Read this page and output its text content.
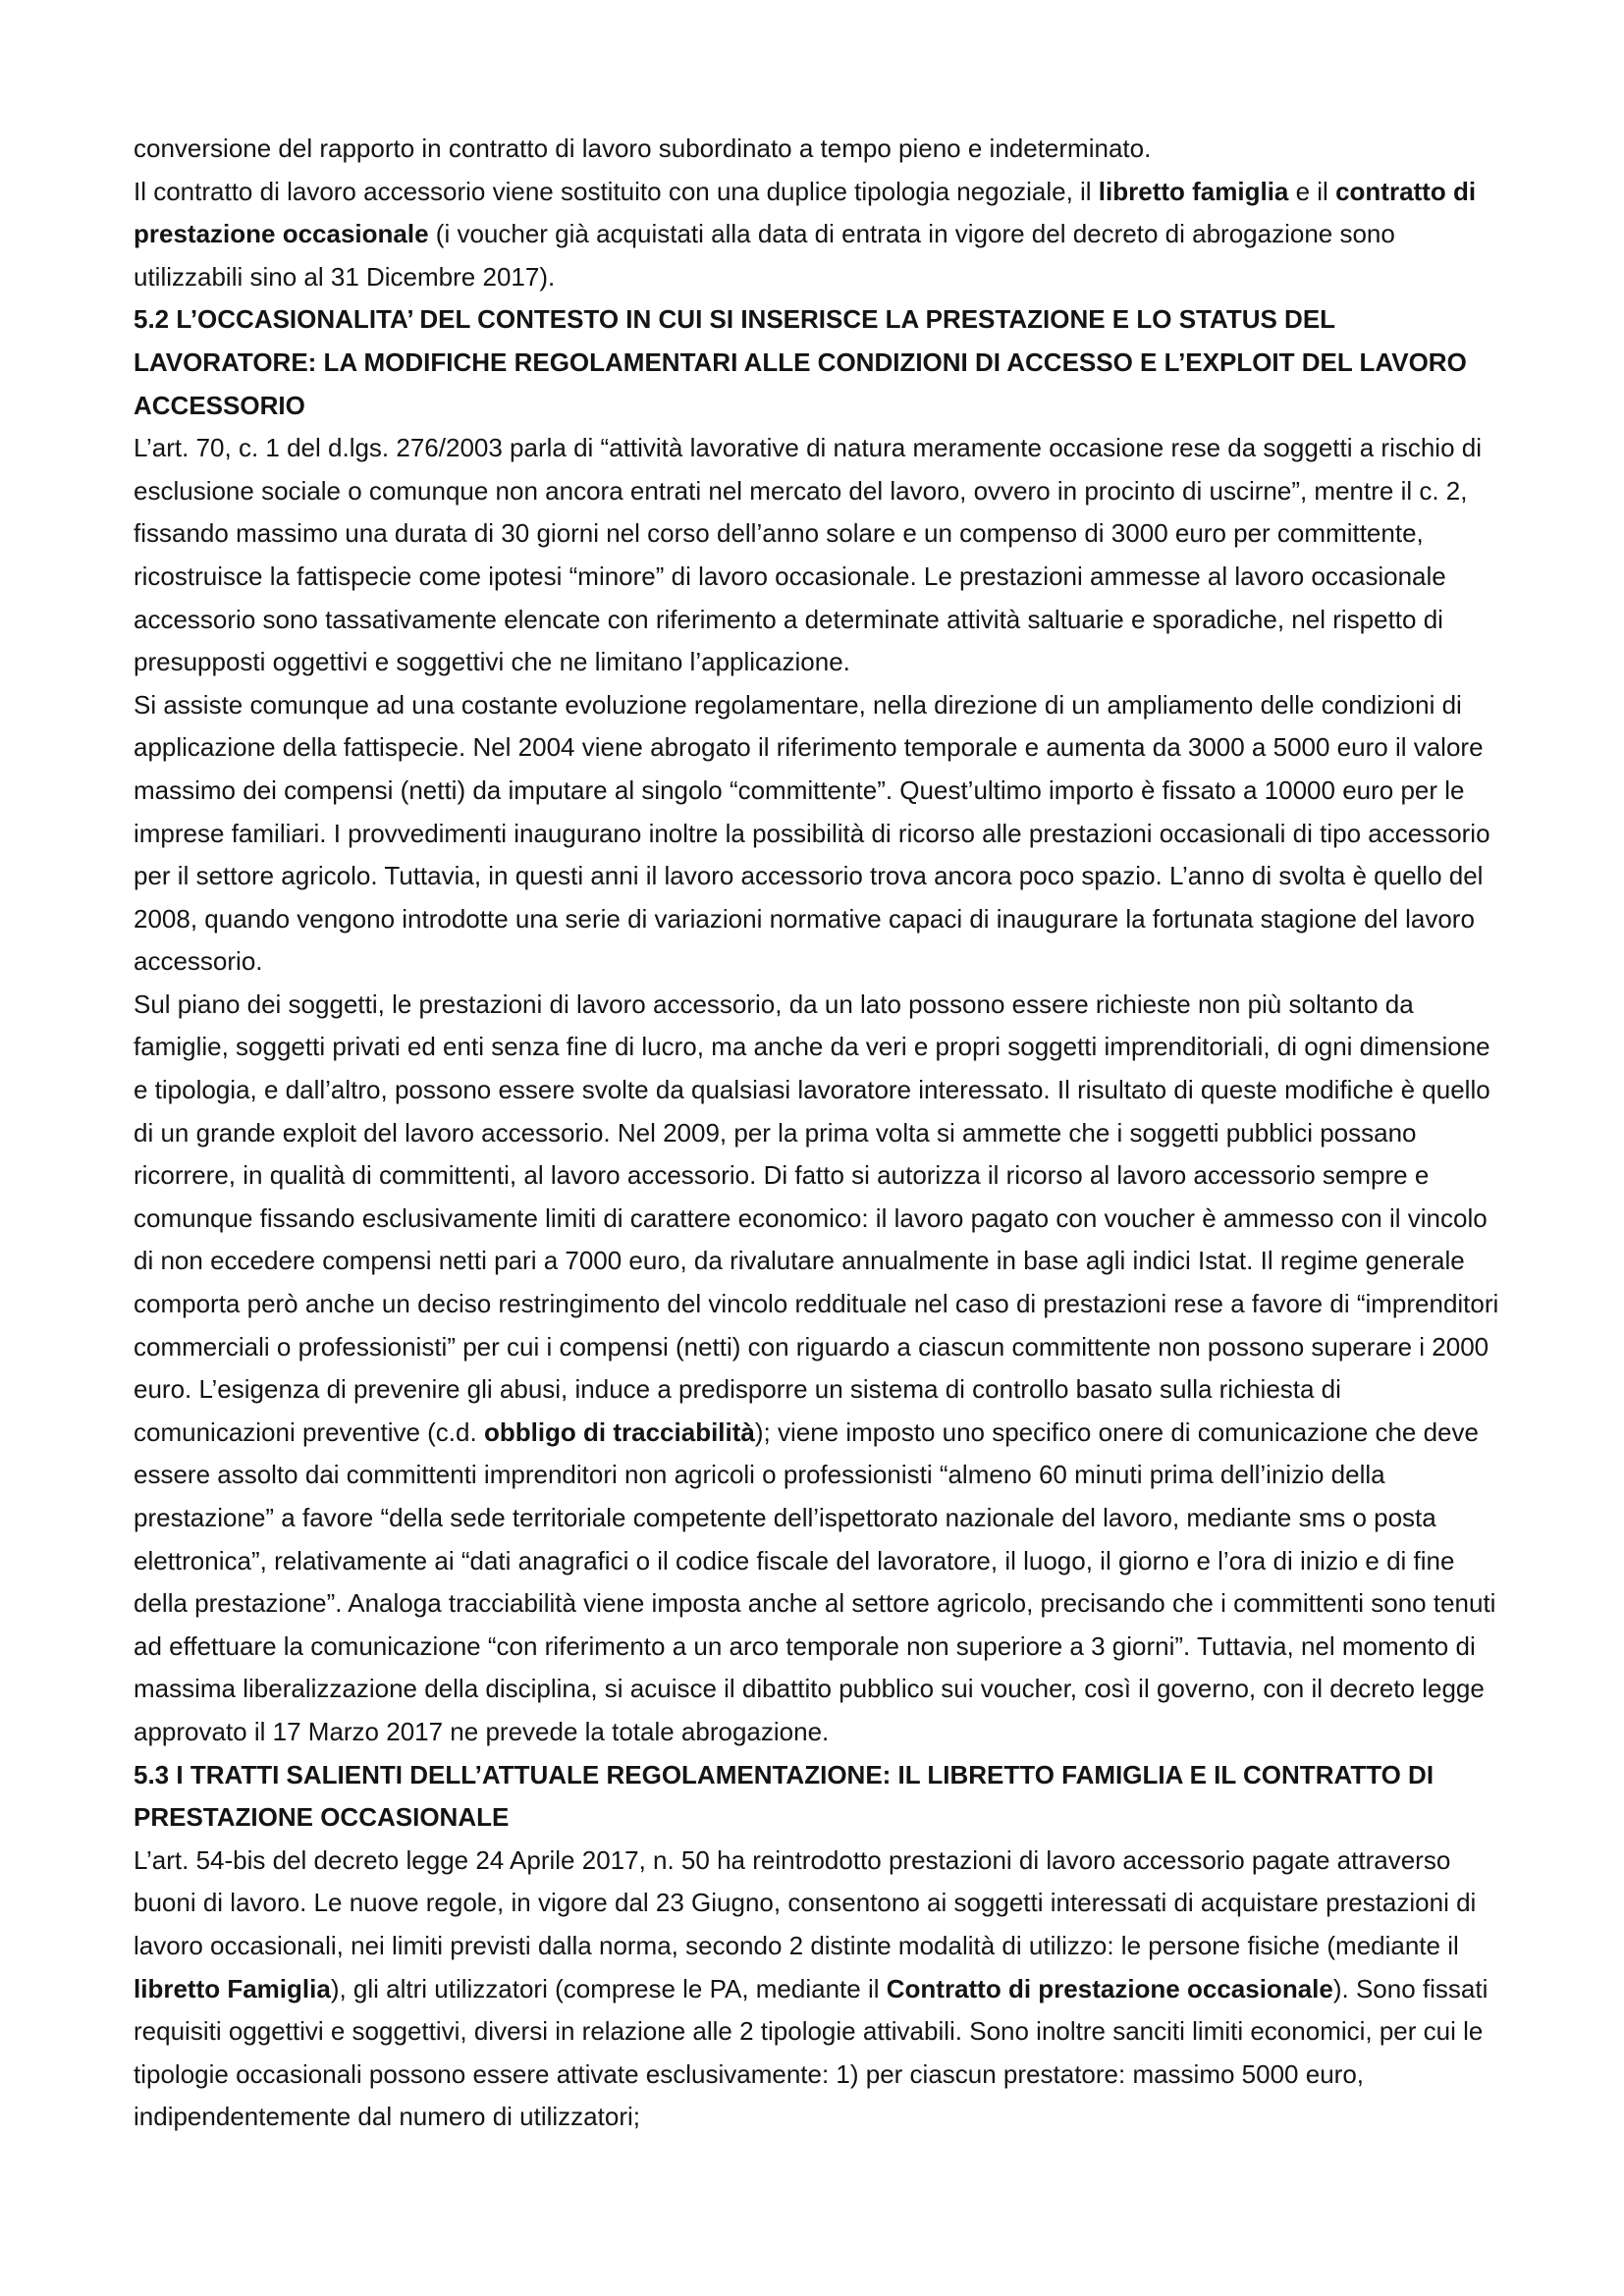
conversione del rapporto in contratto di lavoro subordinato a tempo pieno e indeterminato.

Il contratto di lavoro accessorio viene sostituito con una duplice tipologia negoziale, il libretto famiglia e il contratto di prestazione occasionale (i voucher già acquistati alla data di entrata in vigore del decreto di abrogazione sono utilizzabili sino al 31 Dicembre 2017).

5.2 L’OCCASIONALITA’ DEL CONTESTO IN CUI SI INSERISCE LA PRESTAZIONE E LO STATUS DEL LAVORATORE: LA MODIFICHE REGOLAMENTARI ALLE CONDIZIONI DI ACCESSO E L’EXPLOIT DEL LAVORO ACCESSORIO

L’art. 70, c. 1 del d.lgs. 276/2003 parla di “attività lavorative di natura meramente occasione rese da soggetti a rischio di esclusione sociale o comunque non ancora entrati nel mercato del lavoro, ovvero in procinto di uscirne”, mentre il c. 2, fissando massimo una durata di 30 giorni nel corso dell’anno solare e un compenso di 3000 euro per committente, ricostruisce la fattispecie come ipotesi “minore” di lavoro occasionale. Le prestazioni ammesse al lavoro occasionale accessorio sono tassativamente elencate con riferimento a determinate attività saltuarie e sporadiche, nel rispetto di presupposti oggettivi e soggettivi che ne limitano l’applicazione.

Si assiste comunque ad una costante evoluzione regolamentare, nella direzione di un ampliamento delle condizioni di applicazione della fattispecie. Nel 2004 viene abrogato il riferimento temporale e aumenta da 3000 a 5000 euro il valore massimo dei compensi (netti) da imputare al singolo “committente”. Quest’ultimo importo è fissato a 10000 euro per le imprese familiari. I provvedimenti inaugurano inoltre la possibilità di ricorso alle prestazioni occasionali di tipo accessorio per il settore agricolo. Tuttavia, in questi anni il lavoro accessorio trova ancora poco spazio. L’anno di svolta è quello del 2008, quando vengono introdotte una serie di variazioni normative capaci di inaugurare la fortunata stagione del lavoro accessorio.

Sul piano dei soggetti, le prestazioni di lavoro accessorio, da un lato possono essere richieste non più soltanto da famiglie, soggetti privati ed enti senza fine di lucro, ma anche da veri e propri soggetti imprenditoriali, di ogni dimensione e tipologia, e dall’altro, possono essere svolte da qualsiasi lavoratore interessato. Il risultato di queste modifiche è quello di un grande exploit del lavoro accessorio. Nel 2009, per la prima volta si ammette che i soggetti pubblici possano ricorrere, in qualità di committenti, al lavoro accessorio. Di fatto si autorizza il ricorso al lavoro accessorio sempre e comunque fissando esclusivamente limiti di carattere economico: il lavoro pagato con voucher è ammesso con il vincolo di non eccedere compensi netti pari a 7000 euro, da rivalutare annualmente in base agli indici Istat. Il regime generale comporta però anche un deciso restringimento del vincolo reddituale nel caso di prestazioni rese a favore di “imprenditori commerciali o professionisti” per cui i compensi (netti) con riguardo a ciascun committente non possono superare i 2000 euro. L’esigenza di prevenire gli abusi, induce a predisporre un sistema di controllo basato sulla richiesta di comunicazioni preventive (c.d. obbligo di tracciabilità); viene imposto uno specifico onere di comunicazione che deve essere assolto dai committenti imprenditori non agricoli o professionisti “almeno 60 minuti prima dell’inizio della prestazione” a favore “della sede territoriale competente dell’ispettorato nazionale del lavoro, mediante sms o posta elettronica”, relativamente ai “dati anagrafici o il codice fiscale del lavoratore, il luogo, il giorno e l’ora di inizio e di fine della prestazione”. Analoga tracciabilità viene imposta anche al settore agricolo, precisando che i committenti sono tenuti ad effettuare la comunicazione “con riferimento a un arco temporale non superiore a 3 giorni”. Tuttavia, nel momento di massima liberalizzazione della disciplina, si acuisce il dibattito pubblico sui voucher, così il governo, con il decreto legge approvato il 17 Marzo 2017 ne prevede la totale abrogazione.

5.3 I TRATTI SALIENTI DELL’ATTUALE REGOLAMENTAZIONE: IL LIBRETTO FAMIGLIA E IL CONTRATTO DI PRESTAZIONE OCCASIONALE

L’art. 54-bis del decreto legge 24 Aprile 2017, n. 50 ha reintrodotto prestazioni di lavoro accessorio pagate attraverso buoni di lavoro. Le nuove regole, in vigore dal 23 Giugno, consentono ai soggetti interessati di acquistare prestazioni di lavoro occasionali, nei limiti previsti dalla norma, secondo 2 distinte modalità di utilizzo: le persone fisiche (mediante il libretto Famiglia), gli altri utilizzatori (comprese le PA, mediante il Contratto di prestazione occasionale). Sono fissati requisiti oggettivi e soggettivi, diversi in relazione alle 2 tipologie attivabili. Sono inoltre sanciti limiti economici, per cui le tipologie occasionali possono essere attivate esclusivamente: 1) per ciascun prestatore: massimo 5000 euro, indipendentemente dal numero di utilizzatori;
